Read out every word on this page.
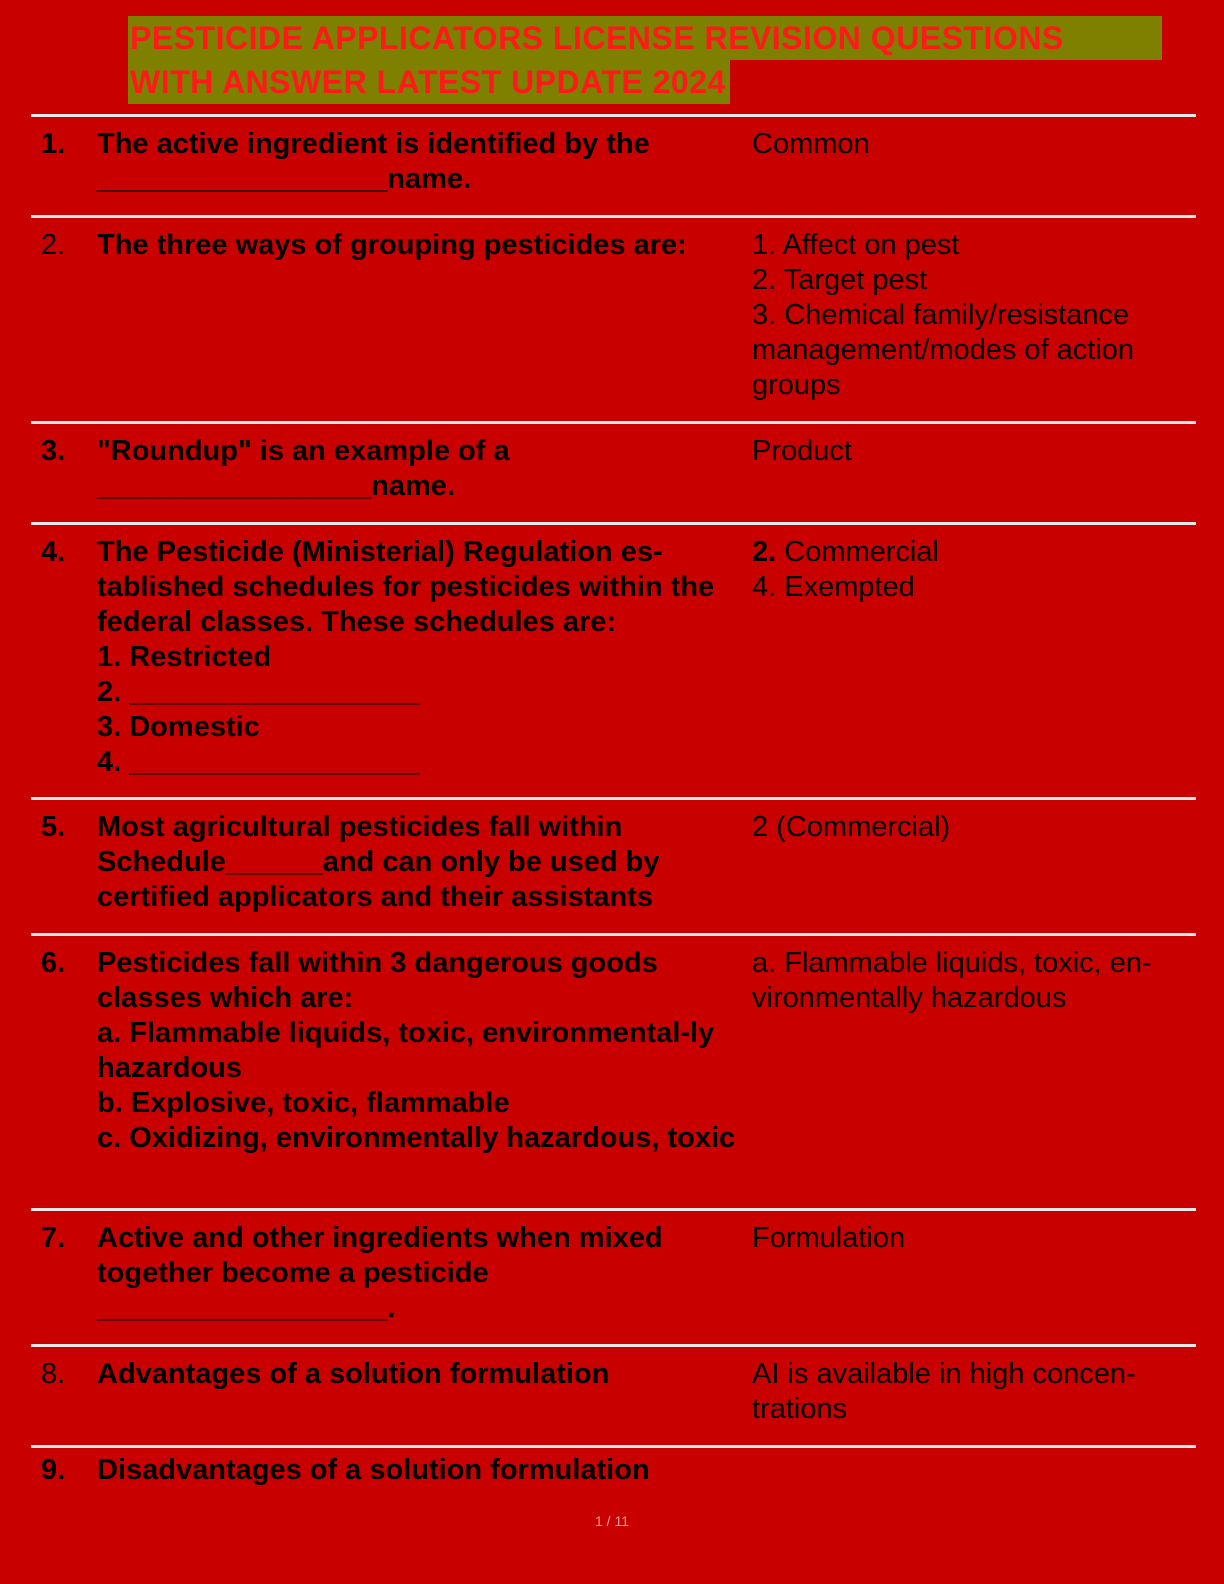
PESTICIDE APPLICATORS LICENSE REVISION QUESTIONS
WITH ANSWER LATEST UPDATE 2024
1. The active ingredient is identified by the
__________________name.
Common
2. The three ways of grouping pesticides are:	1. Affect on pest
2. Target pest
3. Chemical family/resistance management/modes of action groups
3. "Roundup" is an example of a
_________________name.
Product
4. The Pesticide (Ministerial) Regulation es-tablished schedules for pesticides within the federal classes. These schedules are:
1. Restricted
2. __________________
3. Domestic
4. __________________
2. Commercial
4. Exempted
5. Most agricultural pesticides fall within Schedule______and can only be used by certified applicators and their assistants
2 (Commercial)
6. Pesticides fall within 3 dangerous goods classes which are:
a. Flammable liquids, toxic, environmental-ly hazardous
b. Explosive, toxic, flammable
c. Oxidizing, environmentally hazardous, toxic
a. Flammable liquids, toxic, en-vironmentally hazardous
7. Active and other ingredients when mixed together become a pesticide
__________________.
Formulation
8. Advantages of a solution formulation	AI is available in high concen-trations
9. Disadvantages of a solution formulation
1 / 11
